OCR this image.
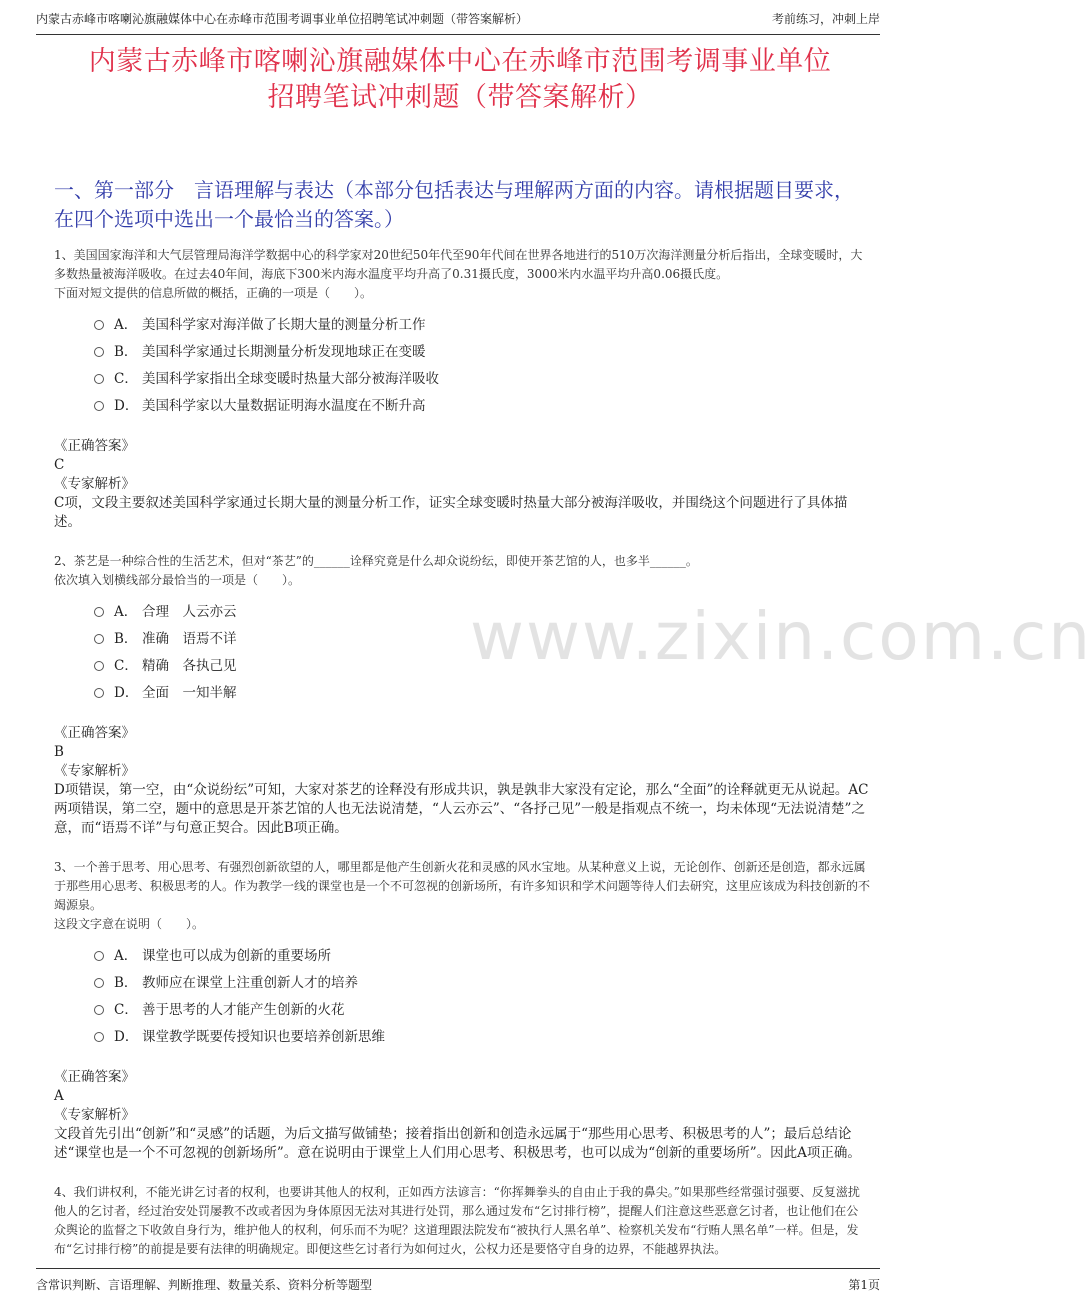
内蒙古赤峰市喀喇沁旗融媒体中心在赤峰市范围考调事业单位招聘笔试冲刺题（带答案解析）	考前练习，冲刺上岸
内蒙古赤峰市喀喇沁旗融媒体中心在赤峰市范围考调事业单位
招聘笔试冲刺题（带答案解析）
一、第一部分　言语理解与表达（本部分包括表达与理解两方面的内容。请根据题目要求，在四个选项中选出一个最恰当的答案。）
www.zixin.com.cn
1、美国国家海洋和大气层管理局海洋学数据中心的科学家对20世纪50年代至90年代间在世界各地进行的510万次海洋测量分析后指出，全球变暖时，大多数热量被海洋吸收。在过去40年间，海底下300米内海水温度平均升高了0.31摄氏度，3000米内水温平均升高0.06摄氏度。
下面对短文提供的信息所做的概括，正确的一项是（　　）。
A． 美国科学家对海洋做了长期大量的测量分析工作
B． 美国科学家通过长期测量分析发现地球正在变暖
C． 美国科学家指出全球变暖时热量大部分被海洋吸收
D． 美国科学家以大量数据证明海水温度在不断升高
《正确答案》
C
《专家解析》
C项，文段主要叙述美国科学家通过长期大量的测量分析工作，证实全球变暖时热量大部分被海洋吸收，并围绕这个问题进行了具体描述。
2、茶艺是一种综合性的生活艺术，但对“茶艺”的______诠释究竟是什么却众说纷纭，即使开茶艺馆的人，也多半______。
依次填入划横线部分最恰当的一项是（　　）。
A． 合理　人云亦云
B． 准确　语焉不详
C． 精确　各执己见
D． 全面　一知半解
《正确答案》
B
《专家解析》
D项错误，第一空，由“众说纷纭”可知，大家对茶艺的诠释没有形成共识，孰是孰非大家没有定论，那么“全面”的诠释就更无从说起。AC两项错误，第二空，题中的意思是开茶艺馆的人也无法说清楚，“人云亦云”、“各抒己见”一般是指观点不统一，均未体现“无法说清楚”之意，而“语焉不详”与句意正契合。因此B项正确。
3、一个善于思考、用心思考、有强烈创新欲望的人，哪里都是他产生创新火花和灵感的风水宝地。从某种意义上说，无论创作、创新还是创造，都永远属于那些用心思考、积极思考的人。作为教学一线的课堂也是一个不可忽视的创新场所，有许多知识和学术问题等待人们去研究，这里应该成为科技创新的不竭源泉。
这段文字意在说明（　　）。
A． 课堂也可以成为创新的重要场所
B． 教师应在课堂上注重创新人才的培养
C． 善于思考的人才能产生创新的火花
D． 课堂教学既要传授知识也要培养创新思维
《正确答案》
A
《专家解析》
文段首先引出“创新”和“灵感”的话题，为后文描写做铺垫；接着指出创新和创造永远属于“那些用心思考、积极思考的人”；最后总结论述“课堂也是一个不可忽视的创新场所”。意在说明由于课堂上人们用心思考、积极思考，也可以成为“创新的重要场所”。因此A项正确。
4、我们讲权利，不能光讲乞讨者的权利，也要讲其他人的权利，正如西方法谚言：“你挥舞拳头的自由止于我的鼻尖。”如果那些经常强讨强要、反复滋扰他人的乞讨者，经过治安处罚屡教不改或者因为身体原因无法对其进行处罚，那么通过发布“乞讨排行榜”，提醒人们注意这些恶意乞讨者，也让他们在公众舆论的监督之下收敛自身行为，维护他人的权利，何乐而不为呢？这道理跟法院发布“被执行人黑名单”、检察机关发布“行贿人黑名单”一样。但是，发布“乞讨排行榜”的前提是要有法律的明确规定。即便这些乞讨者行为如何过火，公权力还是要恪守自身的边界，不能越界执法。
含常识判断、言语理解、判断推理、数量关系、资料分析等题型	第1页
